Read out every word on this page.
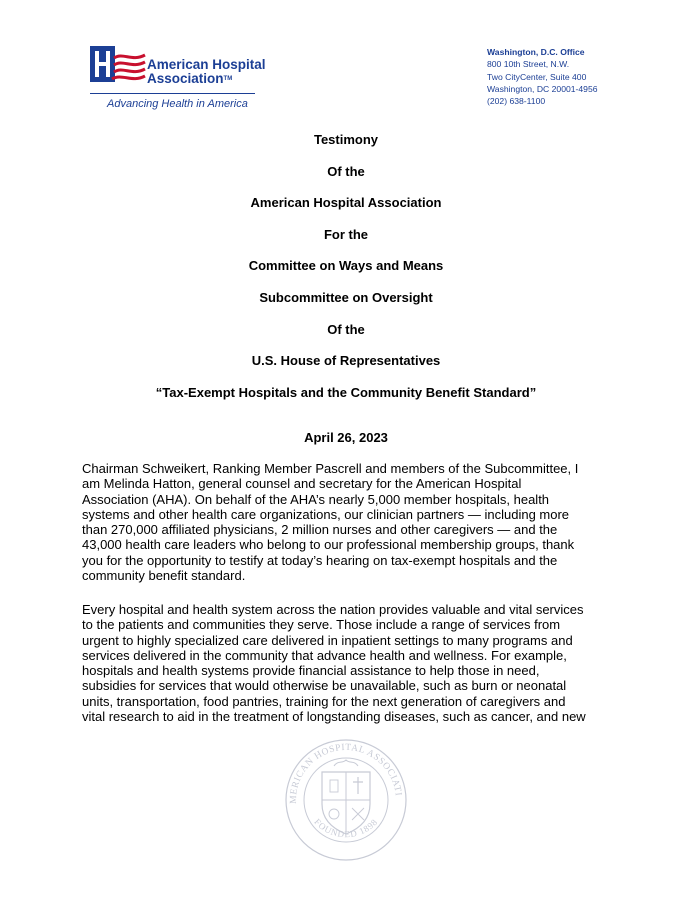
American Hospital
Association™
Advancing Health in America
Washington, D.C. Office
800 10th Street, N.W.
Two CityCenter, Suite 400
Washington, DC 20001-4956
(202) 638-1100
Testimony
Of the
American Hospital Association
For the
Committee on Ways and Means
Subcommittee on Oversight
Of the
U.S. House of Representatives
“Tax-Exempt Hospitals and the Community Benefit Standard”
April 26, 2023
Chairman Schweikert, Ranking Member Pascrell and members of the Subcommittee, I
am Melinda Hatton, general counsel and secretary for the American Hospital
Association (AHA). On behalf of the AHA’s nearly 5,000 member hospitals, health
systems and other health care organizations, our clinician partners — including more
than 270,000 affiliated physicians, 2 million nurses and other caregivers — and the
43,000 health care leaders who belong to our professional membership groups, thank
you for the opportunity to testify at today’s hearing on tax-exempt hospitals and the
community benefit standard.
Every hospital and health system across the nation provides valuable and vital services
to the patients and communities they serve. Those include a range of services from
urgent to highly specialized care delivered in inpatient settings to many programs and
services delivered in the community that advance health and wellness. For example,
hospitals and health systems provide financial assistance to help those in need,
subsidies for services that would otherwise be unavailable, such as burn or neonatal
units, transportation, food pantries, training for the next generation of caregivers and
vital research to aid in the treatment of longstanding diseases, such as cancer, and new
MERICAN HOSPITAL ASSOCIATI
FOUNDED 1898
